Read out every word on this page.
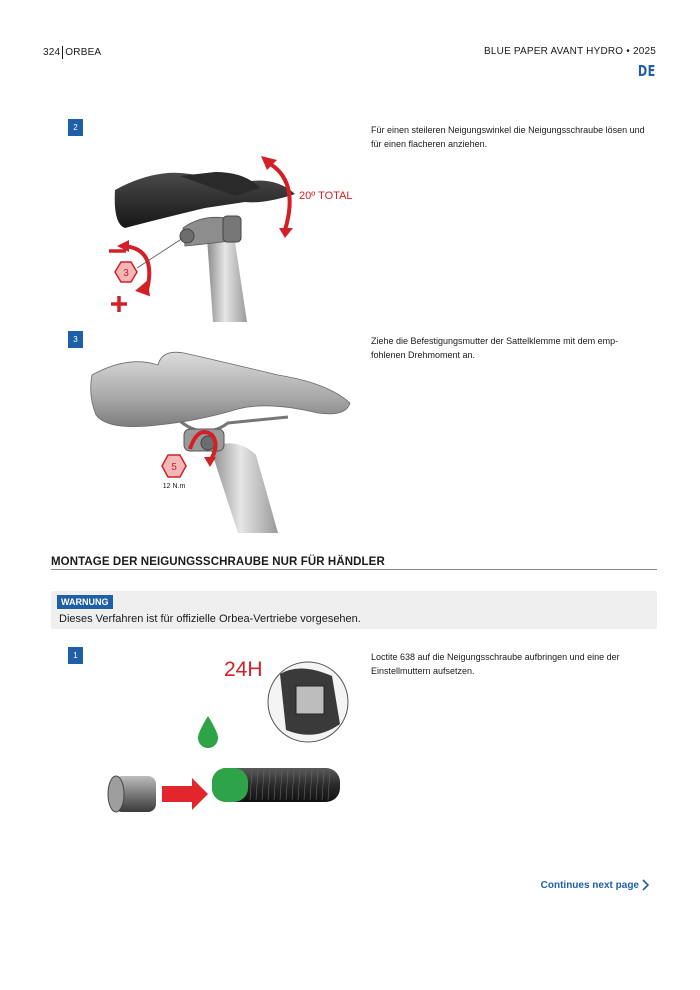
324 ORBEA	BLUE PAPER AVANT HYDRO • 2025
DE
2	Für einen steileren Neigungswinkel die Neigungsschraube lösen und für einen flacheren anziehen.
20º TOTAL
3
3	Ziehe die Befestigungsmutter der Sattelklemme mit dem empfohlenen Drehmoment an.
5
12 N.m
MONTAGE DER NEIGUNGSSCHRAUBE NUR FÜR HÄNDLER
WARNUNG
Dieses Verfahren ist für offizielle Orbea-Vertriebe vorgesehen.
1	Loctite 638 auf die Neigungsschraube aufbringen und eine der Einstellmuttern aufsetzen.
24H
Continues next page
